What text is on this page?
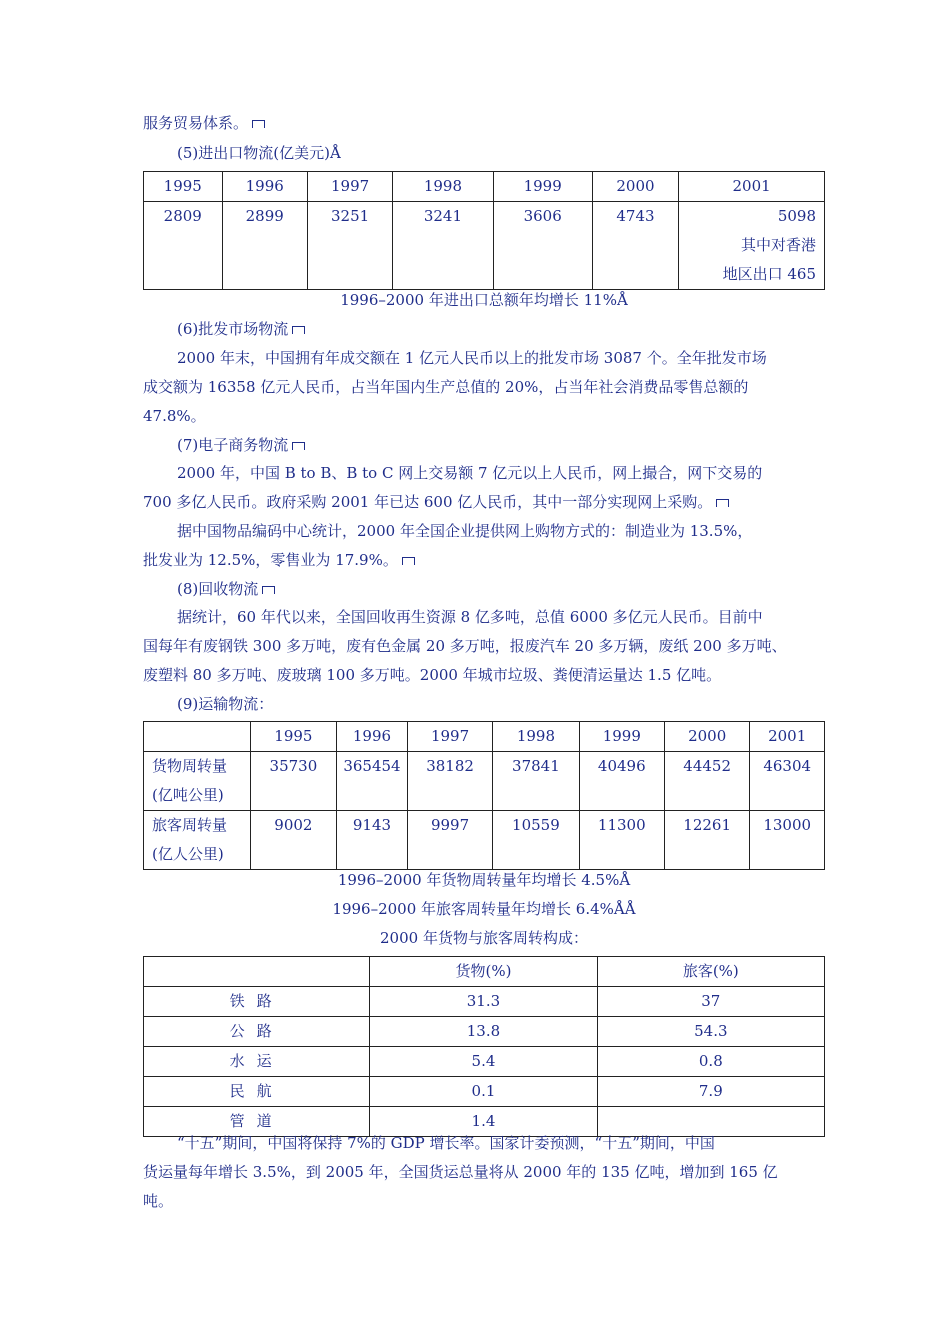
服务贸易体系。
(5)进出口物流(亿美元)Å
1995	1996	1997	1998	1999	2000	2001
2809	2899	3251	3241	3606	4743	5098
其中对香港
地区出口 465
1996–2000 年进出口总额年均增长 11%Å
(6)批发市场物流
2000 年末，中国拥有年成交额在 1 亿元人民币以上的批发市场 3087 个。全年批发市场
成交额为 16358 亿元人民币，占当年国内生产总值的 20%，占当年社会消费品零售总额的
47.8%。
(7)电子商务物流
2000 年，中国 B to B、B to C 网上交易额 7 亿元以上人民币，网上撮合，网下交易的
700 多亿人民币。政府采购 2001 年已达 600 亿人民币，其中一部分实现网上采购。
据中国物品编码中心统计，2000 年全国企业提供网上购物方式的：制造业为 13.5%，
批发业为 12.5%，零售业为 17.9%。
(8)回收物流
据统计，60 年代以来，全国回收再生资源 8 亿多吨，总值 6000 多亿元人民币。目前中
国每年有废钢铁 300 多万吨，废有色金属 20 多万吨，报废汽车 20 多万辆，废纸 200 多万吨、
废塑料 80 多万吨、废玻璃 100 多万吨。2000 年城市垃圾、粪便清运量达 1.5 亿吨。
(9)运输物流：
	1995	1996	1997	1998	1999	2000	2001

货物周转量
(亿吨公里)	35730	365454	38182	37841	40496	44452	46304

旅客周转量
(亿人公里)	9002	9143	9997	10559	11300	12261	13000
1996–2000 年货物周转量年均增长 4.5%Å
1996–2000 年旅客周转量年均增长 6.4%ÅÅ
2000 年货物与旅客周转构成：
	货物(%)	旅客(%)
铁路	31.3	37
公路	13.8	54.3
水运	5.4	0.8
民航	0.1	7.9
管道	1.4	
“十五”期间，中国将保持 7%的 GDP 增长率。国家计委预测，“十五”期间，中国
货运量每年增长 3.5%，到 2005 年，全国货运总量将从 2000 年的 135 亿吨，增加到 165 亿
吨。
